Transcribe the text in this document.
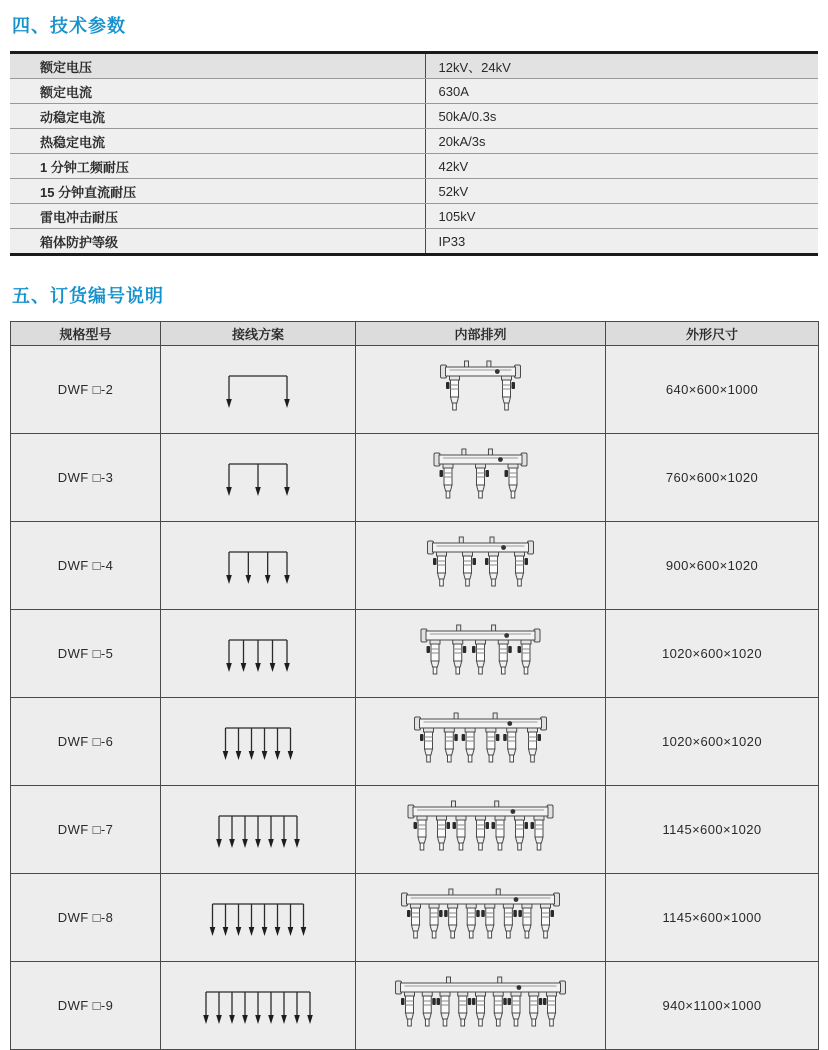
四、技术参数
额定电压	12kV、24kV
额定电流	630A
动稳定电流	50kA/0.3s
热稳定电流	20kA/3s
1 分钟工频耐压	42kV
15 分钟直流耐压	52kV
雷电冲击耐压	105kV
箱体防护等级	IP33
五、订货编号说明
规格型号	接线方案	内部排列	外形尺寸
DWF □-2			640×600×1000
DWF □-3			760×600×1020
DWF □-4			900×600×1020
DWF □-5			1020×600×1020
DWF □-6			1020×600×1020
DWF □-7			1145×600×1020
DWF □-8			1145×600×1000
DWF □-9			940×1100×1000
